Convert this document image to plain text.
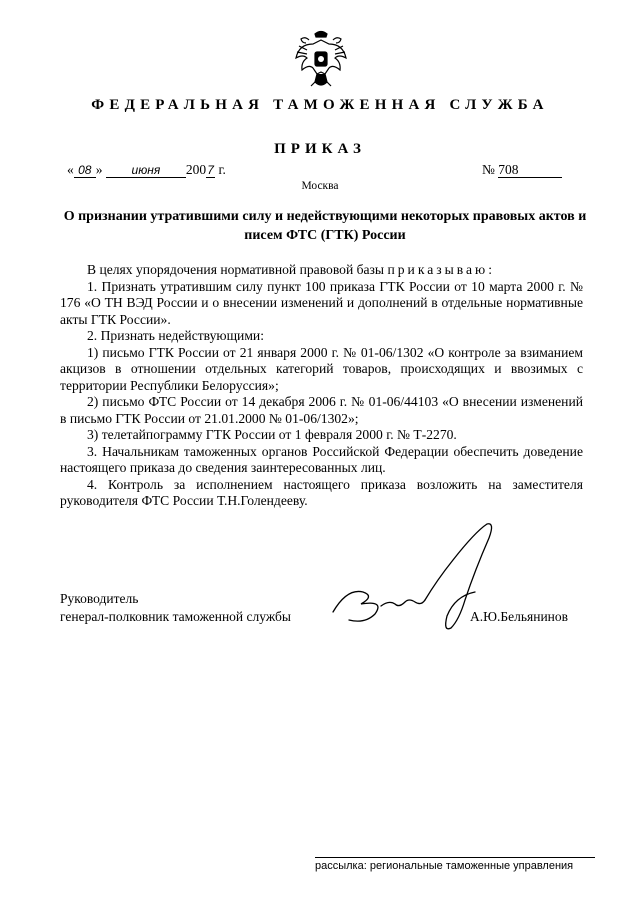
ФЕДЕРАЛЬНАЯ ТАМОЖЕННАЯ СЛУЖБА
ПРИКАЗ
« 08 » июня 2007 г.	№ 708
Москва
О признании утратившими силу и недействующими некоторых правовых актов и писем ФТС (ГТК) России

В целях упорядочения нормативной правовой базы приказываю:

1. Признать утратившим силу пункт 100 приказа ГТК России от 10 марта 2000 г. № 176 «О ТН ВЭД России и о внесении изменений и дополнений в отдельные нормативные акты ГТК России».

2. Признать недействующими:

1) письмо ГТК России от 21 января 2000 г. № 01-06/1302 «О контроле за взиманием акцизов в отношении отдельных категорий товаров, происходящих и ввозимых с территории Республики Белоруссия»;

2) письмо ФТС России от 14 декабря 2006 г. № 01-06/44103 «О внесении изменений в письмо ГТК России от 21.01.2000 № 01-06/1302»;

3) телетайпограмму ГТК России от 1 февраля 2000 г. № Т-2270.

3. Начальникам таможенных органов Российской Федерации обеспечить доведение настоящего приказа до сведения заинтересованных лиц.

4. Контроль за исполнением настоящего приказа возложить на заместителя руководителя ФТС России Т.Н.Голендееву.

Руководитель
генерал-полковник таможенной службы	А.Ю.Бельянинов
рассылка: региональные таможенные управления
